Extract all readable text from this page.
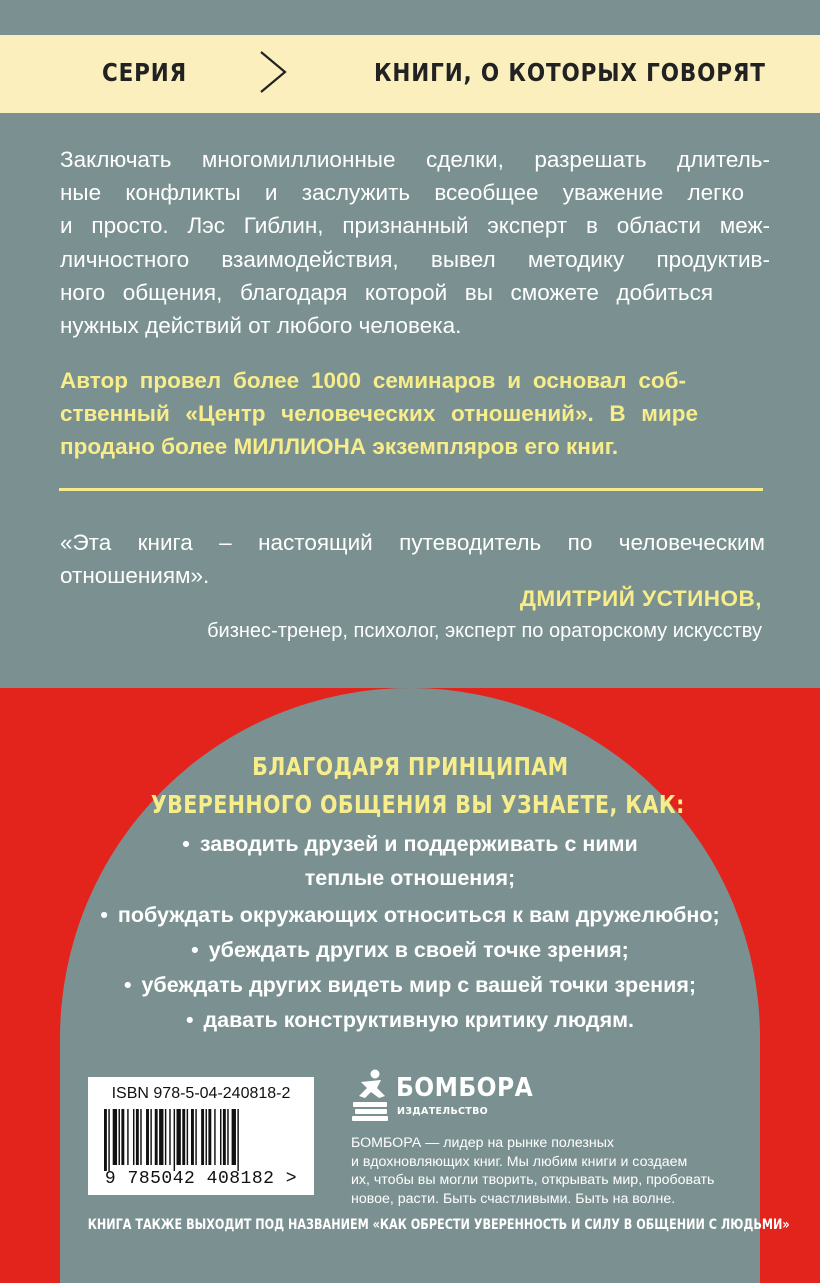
СЕРИЯ	КНИГИ, О КОТОРЫХ ГОВОРЯТ
Заключать многомиллионные сделки, разрешать длитель-
ные конфликты и заслужить всеобщее уважение легко
и просто. Лэс Гиблин, признанный эксперт в области меж-
личностного взаимодействия, вывел методику продуктив-
ного общения, благодаря которой вы сможете добиться
нужных действий от любого человека.
Автор провел более 1000 семинаров и основал соб-
ственный «Центр человеческих отношений». В мире
продано более МИЛЛИОНА экземпляров его книг.
«Эта книга – настоящий путеводитель по человеческим
отношениям».
ДМИТРИЙ УСТИНОВ,
бизнес-тренер, психолог, эксперт по ораторскому искусству
БЛАГОДАРЯ ПРИНЦИПАМ
УВЕРЕННОГО ОБЩЕНИЯ ВЫ УЗНАЕТЕ, КАК:
• заводить друзей и поддерживать с ними
теплые отношения;
• побуждать окружающих относиться к вам дружелюбно;
• убеждать других в своей точке зрения;
• убеждать других видеть мир с вашей точки зрения;
• давать конструктивную критику людям.
ISBN 978-5-04-240818-2
9 785042 408182 >
БОМБОРА
ИЗДАТЕЛЬСТВО
БОМБОРА — лидер на рынке полезных
и вдохновляющих книг. Мы любим книги и создаем
их, чтобы вы могли творить, открывать мир, пробовать
новое, расти. Быть счастливыми. Быть на волне.
КНИГА ТАКЖЕ ВЫХОДИТ ПОД НАЗВАНИЕМ «КАК ОБРЕСТИ УВЕРЕННОСТЬ И СИЛУ В ОБЩЕНИИ С ЛЮДЬМИ»
